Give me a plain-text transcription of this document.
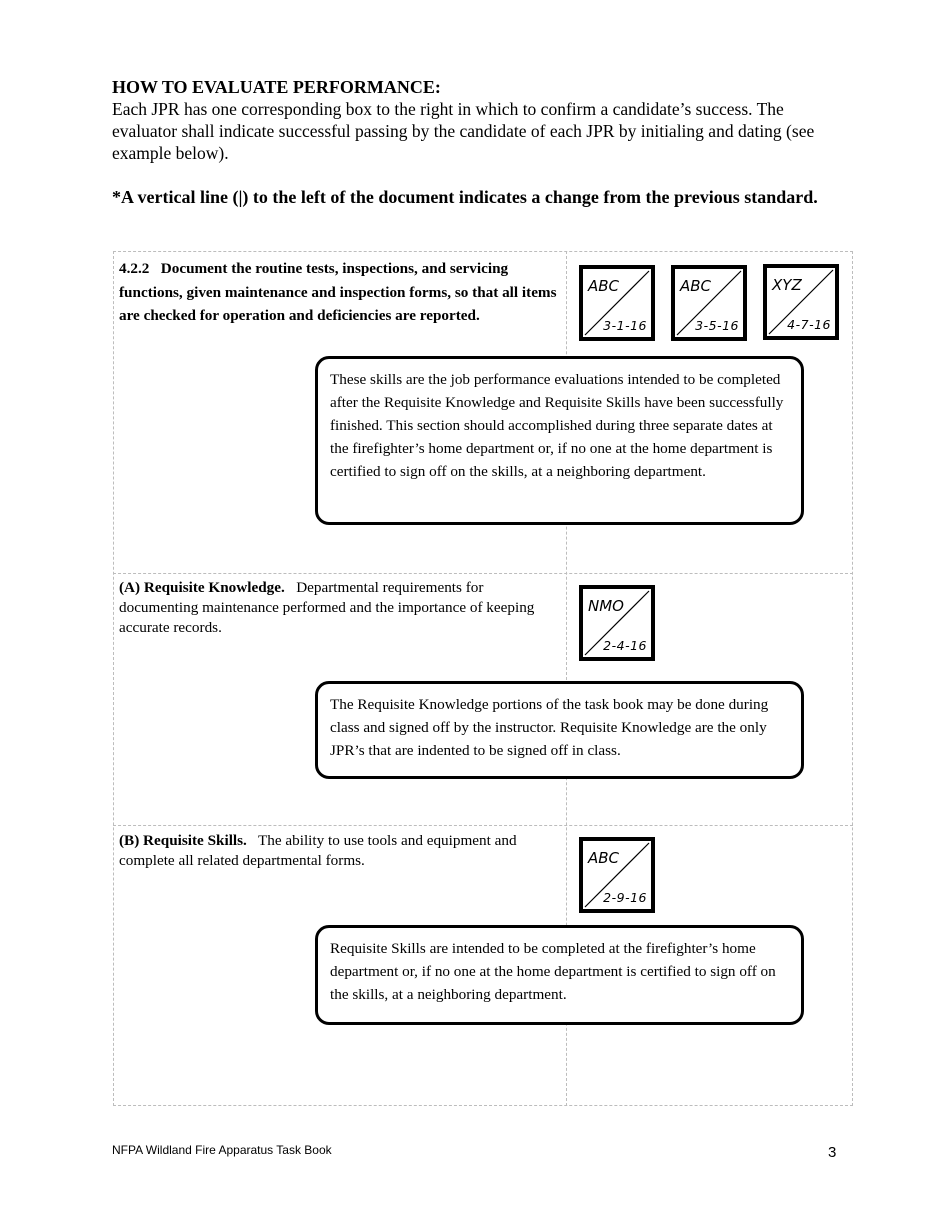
HOW TO EVALUATE PERFORMANCE:
Each JPR has one corresponding box to the right in which to confirm a candidate’s success. The evaluator shall indicate successful passing by the candidate of each JPR by initialing and dating (see example below).
*A vertical line (|) to the left of the document indicates a change from the previous standard.
4.2.2 Document the routine tests, inspections, and servicing functions, given maintenance and inspection forms, so that all items are checked for operation and deficiencies are reported.
ABC
3-1-16
ABC
3-5-16
XYZ
4-7-16
These skills are the job performance evaluations intended to be completed after the Requisite Knowledge and Requisite Skills have been successfully finished. This section should accomplished during three separate dates at the firefighter’s home department or, if no one at the home department is certified to sign off on the skills, at a neighboring department.
(A) Requisite Knowledge. Departmental requirements for documenting maintenance performed and the importance of keeping accurate records.
NMO
2-4-16
The Requisite Knowledge portions of the task book may be done during class and signed off by the instructor. Requisite Knowledge are the only JPR’s that are indented to be signed off in class.
(B) Requisite Skills. The ability to use tools and equipment and complete all related departmental forms.	ABC
2-9-16
Requisite Skills are intended to be completed at the firefighter’s home department or, if no one at the home department is certified to sign off on the skills, at a neighboring department.
NFPA Wildland Fire Apparatus Task Book	3
